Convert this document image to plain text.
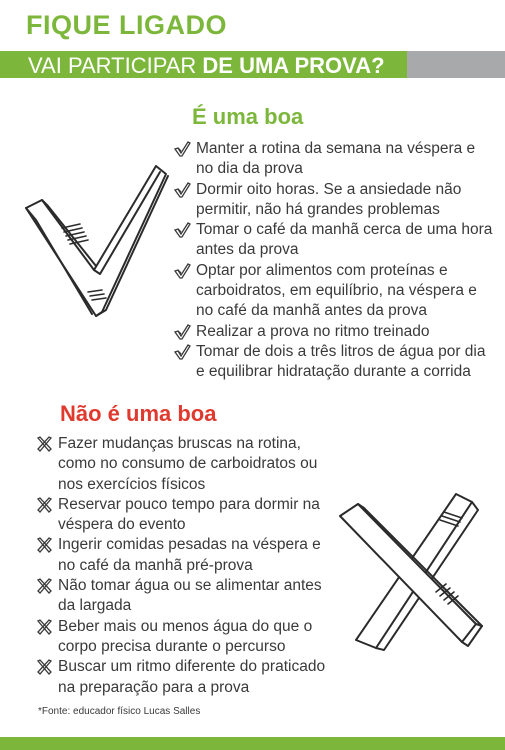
FIQUE LIGADO
VAI PARTICIPAR DE UMA PROVA?
É uma boa
Manter a rotina da semana na véspera e no dia da prova
Dormir oito horas. Se a ansiedade não permitir, não há grandes problemas
Tomar o café da manhã cerca de uma hora antes da prova
Optar por alimentos com proteínas e carboidratos, em equilíbrio, na véspera e no café da manhã antes da prova
Realizar a prova no ritmo treinado
Tomar de dois a três litros de água por dia e equilibrar hidratação durante a corrida
Não é uma boa
Fazer mudanças bruscas na rotina, como no consumo de carboidratos ou nos exercícios físicos
Reservar pouco tempo para dormir na véspera do evento
Ingerir comidas pesadas na véspera e no café da manhã pré-prova
Não tomar água ou se alimentar antes da largada
Beber mais ou menos água do que o corpo precisa durante o percurso
Buscar um ritmo diferente do praticado na preparação para a prova
*Fonte: educador físico Lucas Salles
